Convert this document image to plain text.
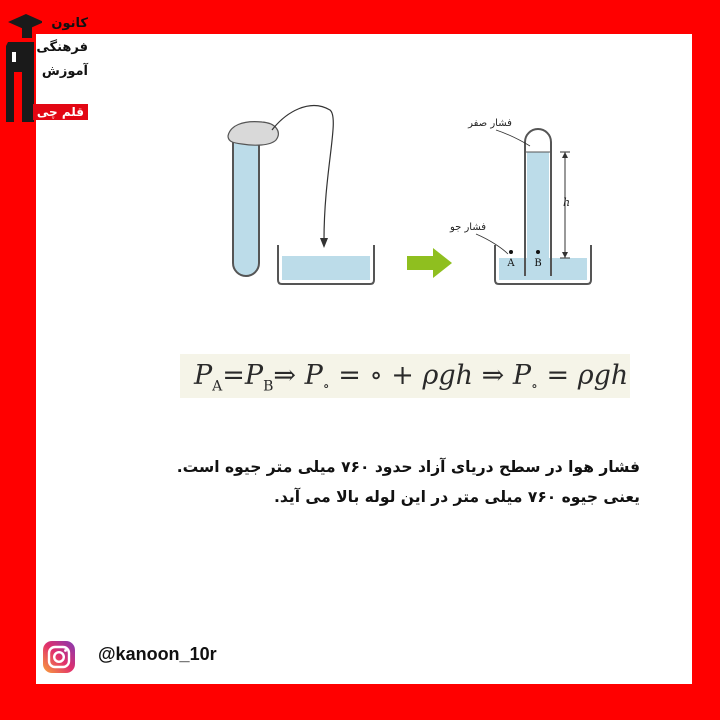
کانون
فرهنگی
آموزش
قلم چی
h
فشار صفر
فشار جو
A B
$P_A=P_B\Rightarrow$ $P_\circ$ = ∘ + ρgh ⇒ $P_\circ = \rho gh$
فشار هوا در سطح دریای آزاد حدود ۷۶۰ میلی متر جیوه است.
یعنی جیوه ۷۶۰ میلی متر در این لوله بالا می آید.
@kanoon_10r
